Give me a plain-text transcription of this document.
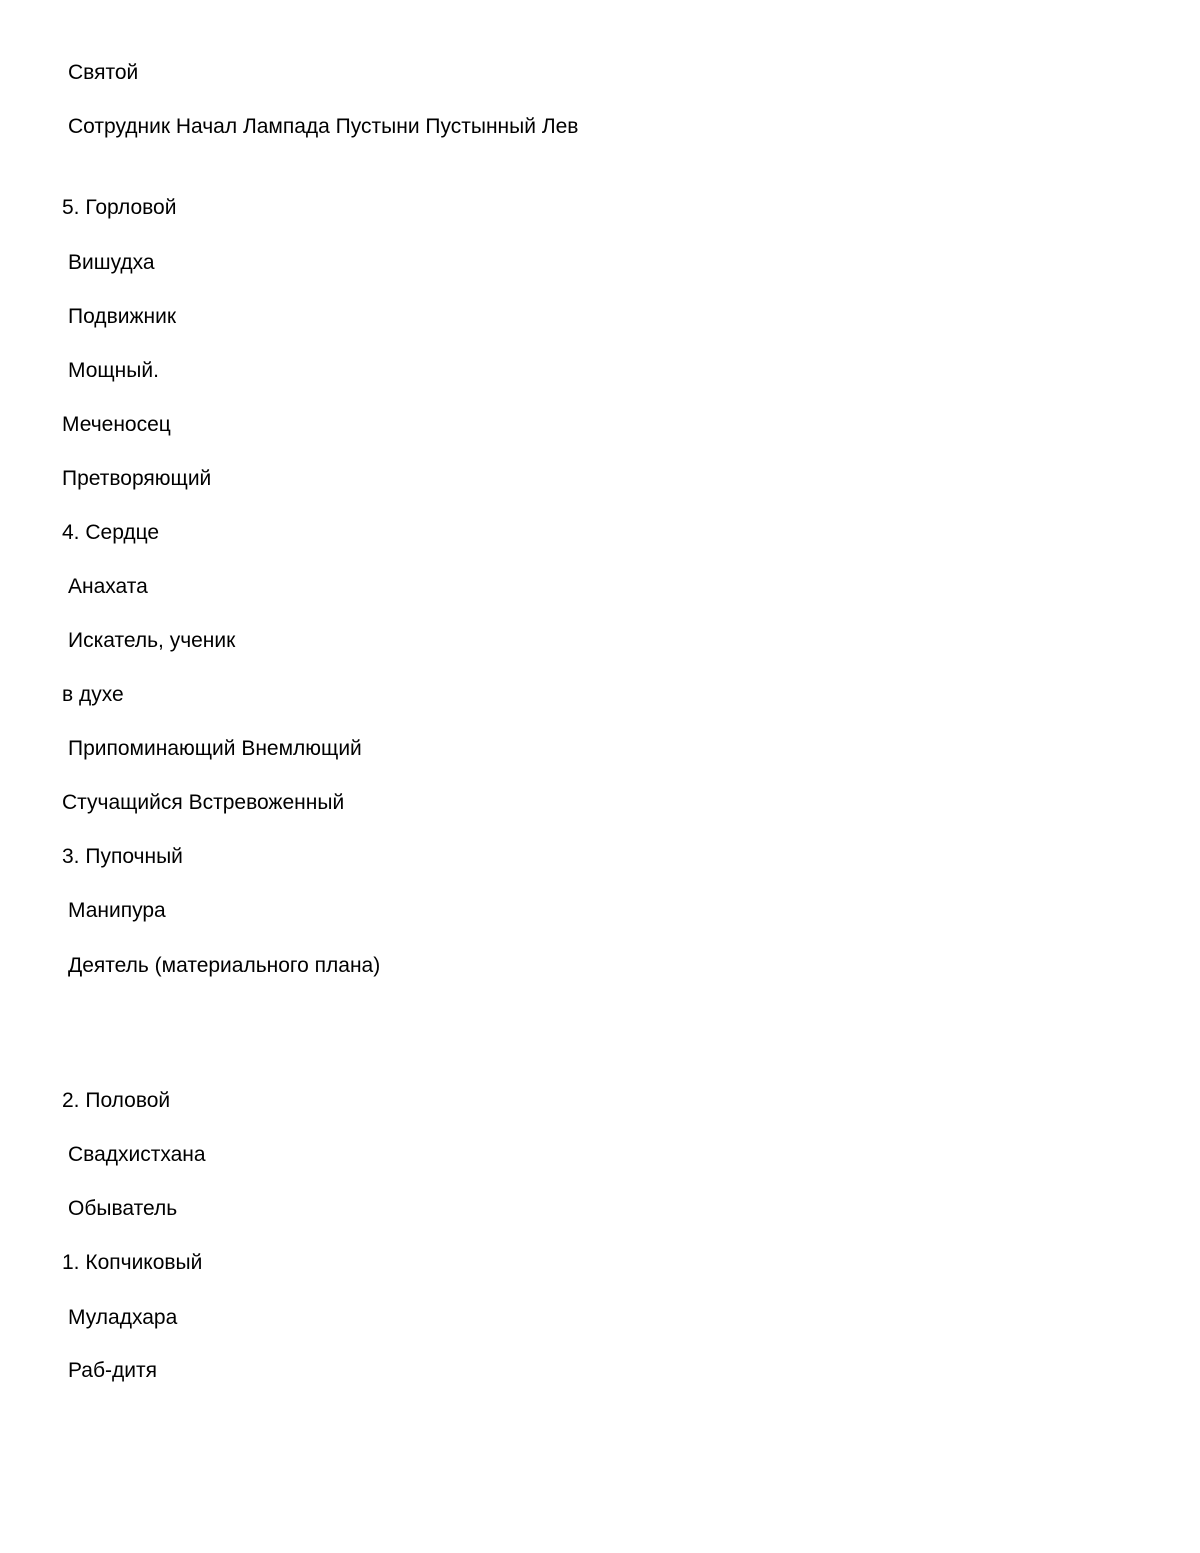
Святой

Сотрудник Начал Лампада Пустыни Пустынный Лев

5. Горловой

Вишудха

Подвижник

Мощный.

Меченосец

Претворяющий

4. Сердце

Анахата

Искатель, ученик

в духе

Припоминающий Внемлющий

Стучащийся Встревоженный

3. Пупочный

Манипура

Деятель (материального плана)

2. Половой

Свадхистхана

Обыватель

1. Копчиковый

Муладхара

Раб-дитя
